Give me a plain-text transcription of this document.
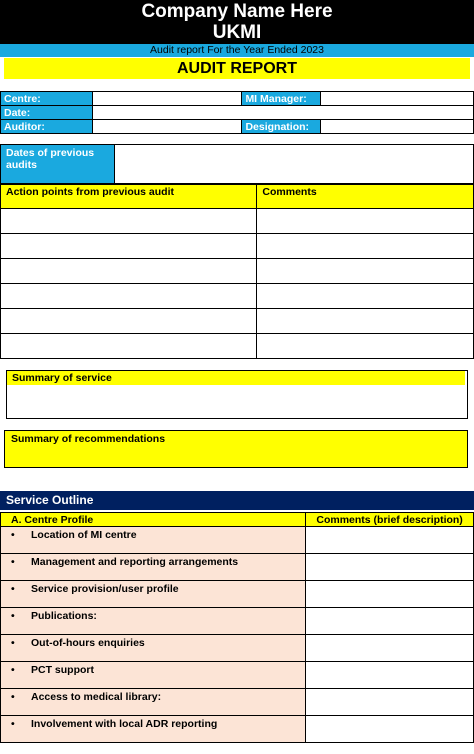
Company Name Here
UKMI
Audit report For the Year Ended 2023
AUDIT REPORT
Centre:		MI Manager:	
Date:			
Auditor:		Designation:	
Dates of previous audits
Action points from previous audit	Comments

Summary of service
Summary of recommendations
Service Outline
A. Centre Profile	Comments (brief description)
• Location of MI centre	
• Management and reporting arrangements	
• Service provision/user profile	
• Publications:	
• Out-of-hours enquiries	
• PCT support	
• Access to medical library:	
• Involvement with local ADR reporting	
